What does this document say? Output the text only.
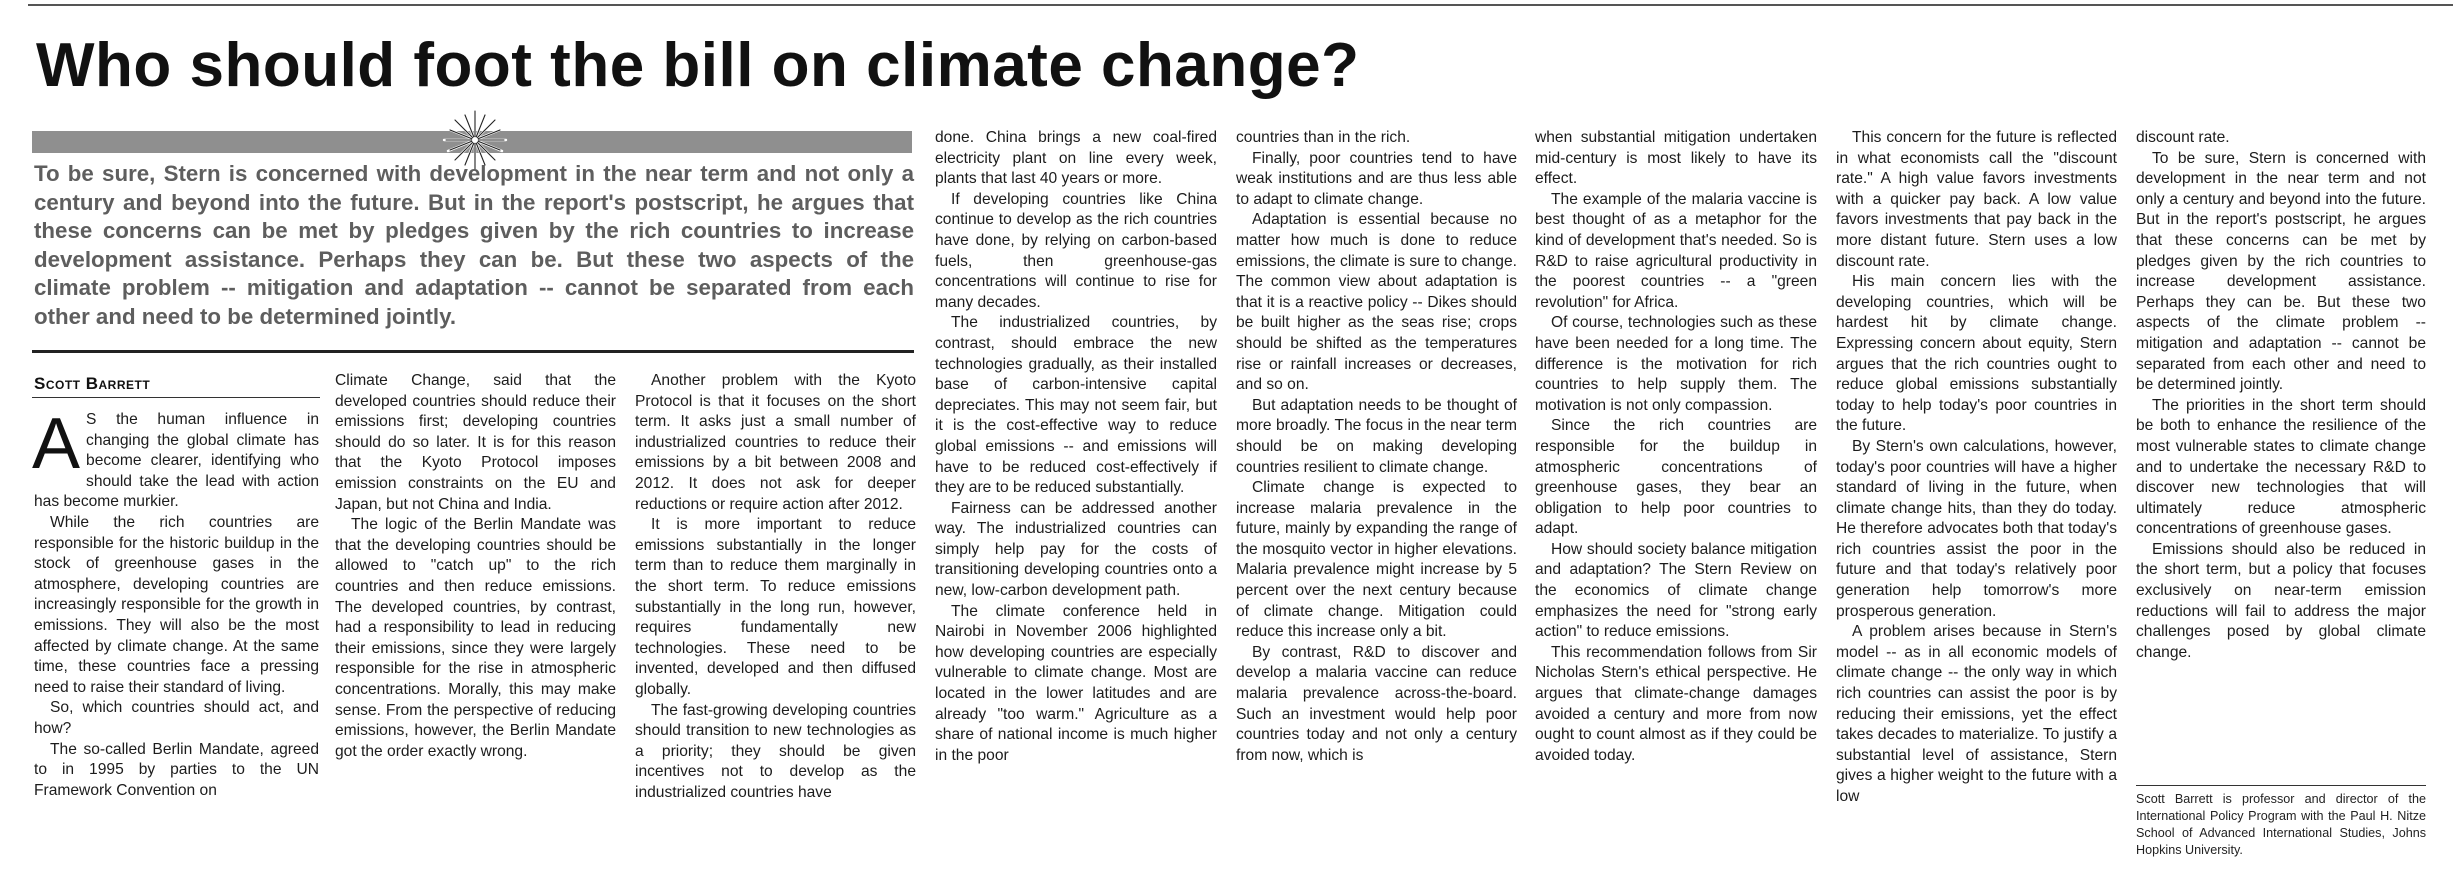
Who should foot the bill on climate change?

To be sure, Stern is concerned with development in the near term and not only a century and beyond into the future. But in the report's postscript, he argues that these concerns can be met by pledges given by the rich countries to increase development assistance. Perhaps they can be. But these two aspects of the climate problem -- mitigation and adaptation -- cannot be separated from each other and need to be determined jointly.

Scott Barrett

A S the human influence in changing the global climate has become clearer, identifying who should take the lead with action has become murkier.

While the rich countries are responsible for the historic buildup in the stock of greenhouse gases in the atmosphere, developing countries are increasingly responsible for the growth in emissions. They will also be the most affected by climate change. At the same time, these countries face a pressing need to raise their standard of living.

So, which countries should act, and how?

The so-called Berlin Mandate, agreed to in 1995 by parties to the UN Framework Convention on

Climate Change, said that the developed countries should reduce their emissions first; developing countries should do so later. It is for this reason that the Kyoto Protocol imposes emission constraints on the EU and Japan, but not China and India.

The logic of the Berlin Mandate was that the developing countries should be allowed to "catch up" to the rich countries and then reduce emissions. The developed countries, by contrast, had a responsibility to lead in reducing their emissions, since they were largely responsible for the rise in atmospheric concentrations. Morally, this may make sense. From the perspective of reducing emissions, however, the Berlin Mandate got the order exactly wrong.

Another problem with the Kyoto Protocol is that it focuses on the short term. It asks just a small number of industrialized countries to reduce their emissions by a bit between 2008 and 2012. It does not ask for deeper reductions or require action after 2012.

It is more important to reduce emissions substantially in the longer term than to reduce them marginally in the short term. To reduce emissions substantially in the long run, however, requires fundamentally new technologies. These need to be invented, developed and then diffused globally.

The fast-growing developing countries should transition to new technologies as a priority; they should be given incentives not to develop as the industrialized countries have

done. China brings a new coal-fired electricity plant on line every week, plants that last 40 years or more.

If developing countries like China continue to develop as the rich countries have done, by relying on carbon-based fuels, then greenhouse-gas concentrations will continue to rise for many decades.

The industrialized countries, by contrast, should embrace the new technologies gradually, as their installed base of carbon-intensive capital depreciates. This may not seem fair, but it is the cost-effective way to reduce global emissions -- and emissions will have to be reduced cost-effectively if they are to be reduced substantially.

Fairness can be addressed another way. The industrialized countries can simply help pay for the costs of transitioning developing countries onto a new, low-carbon development path.

The climate conference held in Nairobi in November 2006 highlighted how developing countries are especially vulnerable to climate change. Most are located in the lower latitudes and are already "too warm." Agriculture as a share of national income is much higher in the poor

countries than in the rich.

Finally, poor countries tend to have weak institutions and are thus less able to adapt to climate change.

Adaptation is essential because no matter how much is done to reduce emissions, the climate is sure to change. The common view about adaptation is that it is a reactive policy -- Dikes should be built higher as the seas rise; crops should be shifted as the temperatures rise or rainfall increases or decreases, and so on.

But adaptation needs to be thought of more broadly. The focus in the near term should be on making developing countries resilient to climate change.

Climate change is expected to increase malaria prevalence in the future, mainly by expanding the range of the mosquito vector in higher elevations. Malaria prevalence might increase by 5 percent over the next century because of climate change. Mitigation could reduce this increase only a bit.

By contrast, R&D to discover and develop a malaria vaccine can reduce malaria prevalence across-the-board. Such an investment would help poor countries today and not only a century from now, which is

when substantial mitigation undertaken mid-century is most likely to have its effect.

The example of the malaria vaccine is best thought of as a metaphor for the kind of development that's needed. So is R&D to raise agricultural productivity in the poorest countries -- a "green revolution" for Africa.

Of course, technologies such as these have been needed for a long time. The difference is the motivation for rich countries to help supply them. The motivation is not only compassion.

Since the rich countries are responsible for the buildup in atmospheric concentrations of greenhouse gases, they bear an obligation to help poor countries to adapt.

How should society balance mitigation and adaptation? The Stern Review on the economics of climate change emphasizes the need for "strong early action" to reduce emissions.

This recommendation follows from Sir Nicholas Stern's ethical perspective. He argues that climate-change damages avoided a century and more from now ought to count almost as if they could be avoided today.

This concern for the future is reflected in what economists call the "discount rate." A high value favors investments with a quicker pay back. A low value favors investments that pay back in the more distant future. Stern uses a low discount rate.

His main concern lies with the developing countries, which will be hardest hit by climate change. Expressing concern about equity, Stern argues that the rich countries ought to reduce global emissions substantially today to help today's poor countries in the future.

By Stern's own calculations, however, today's poor countries will have a higher standard of living in the future, when climate change hits, than they do today. He therefore advocates both that today's rich countries assist the poor in the future and that today's relatively poor generation help tomorrow's more prosperous generation.

A problem arises because in Stern's model -- as in all economic models of climate change -- the only way in which rich countries can assist the poor is by reducing their emissions, yet the effect takes decades to materialize. To justify a substantial level of assistance, Stern gives a higher weight to the future with a low

discount rate.

To be sure, Stern is concerned with development in the near term and not only a century and beyond into the future. But in the report's postscript, he argues that these concerns can be met by pledges given by the rich countries to increase development assistance. Perhaps they can be. But these two aspects of the climate problem -- mitigation and adaptation -- cannot be separated from each other and need to be determined jointly.

The priorities in the short term should be both to enhance the resilience of the most vulnerable states to climate change and to undertake the necessary R&D to discover new technologies that will ultimately reduce atmospheric concentrations of greenhouse gases.

Emissions should also be reduced in the short term, but a policy that focuses exclusively on near-term emission reductions will fail to address the major challenges posed by global climate change.

Scott Barrett is professor and director of the International Policy Program with the Paul H. Nitze School of Advanced International Studies, Johns Hopkins University.
